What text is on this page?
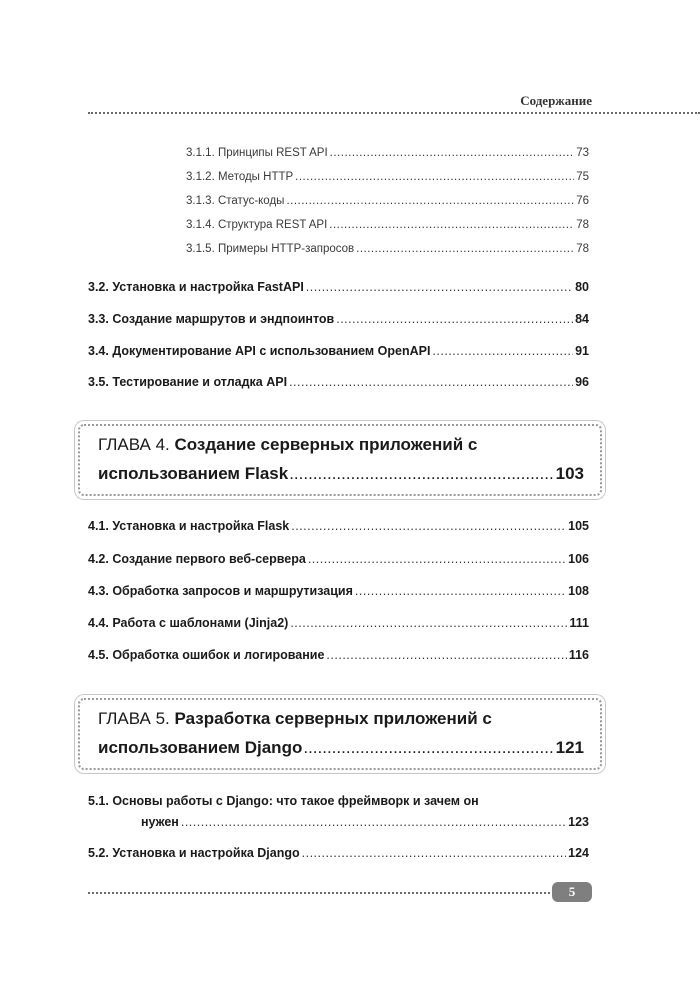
Содержание
3.1.1. Принципы REST API .....	73
3.1.2. Методы HTTP .....	75
3.1.3. Статус-коды .....	76
3.1.4. Структура REST API .....	78
3.1.5. Примеры HTTP-запросов .....	78
3.2. Установка и настройка FastAPI .....	80
3.3. Создание маршрутов и эндпоинтов .....	84
3.4. Документирование API с использованием OpenAPI .....	91
3.5. Тестирование и отладка API .....	96
ГЛАВА 4. Создание серверных приложений с
использованием Flask .....	103
4.1. Установка и настройка Flask .....	105
4.2. Создание первого веб-сервера .....	106
4.3. Обработка запросов и маршрутизация .....	108
4.4. Работа с шаблонами (Jinja2) .....	111
4.5. Обработка ошибок и логирование .....	116
ГЛАВА 5. Разработка серверных приложений с
использованием Django .....	121
5.1. Основы работы с Django: что такое фреймворк и зачем он
нужен .....	123
5.2. Установка и настройка Django .....	124
5
